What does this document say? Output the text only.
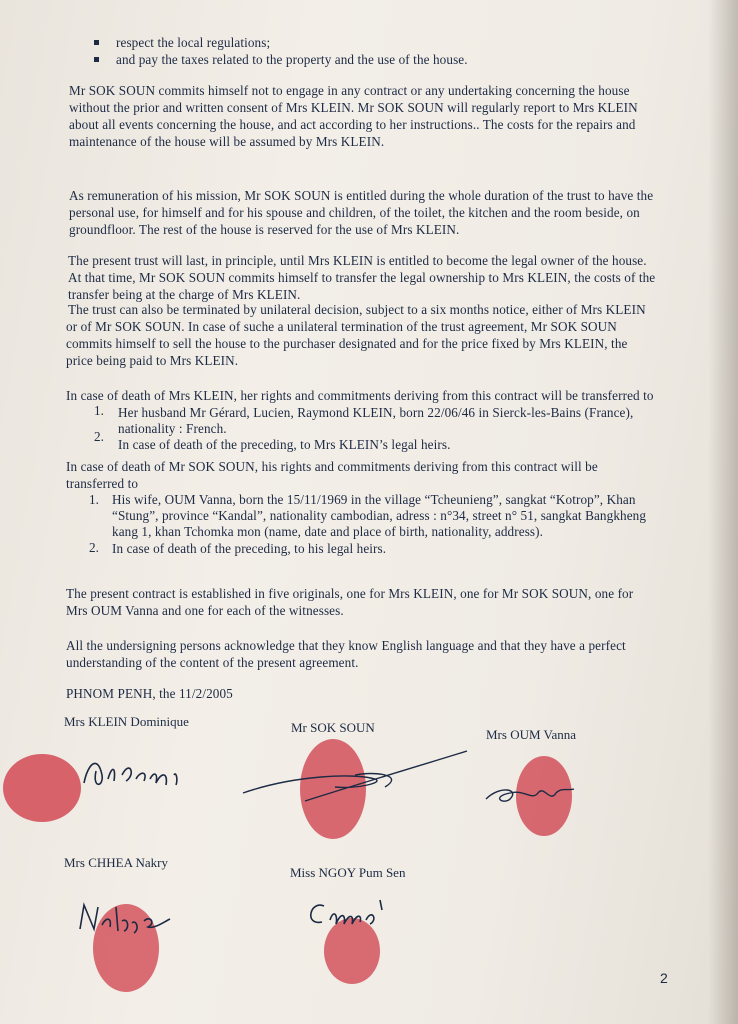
respect the local regulations;
and pay the taxes related to the property and the use of the house.
Mr SOK SOUN commits himself not to engage in any contract or any undertaking concerning the house
without the prior and written consent of Mrs KLEIN. Mr SOK SOUN will regularly report to Mrs KLEIN
about all events concerning the house, and act according to her instructions.. The costs for the repairs and
maintenance of the house will be assumed by Mrs KLEIN.
As remuneration of his mission, Mr SOK SOUN is entitled during the whole duration of the trust to have the
personal use, for himself and for his spouse and children, of the toilet, the kitchen and the room beside, on
groundfloor. The rest of the house is reserved for the use of Mrs KLEIN.
The present trust will last, in principle, until Mrs KLEIN is entitled to become the legal owner of the house.
At that time, Mr SOK SOUN commits himself to transfer the legal ownership to Mrs KLEIN, the costs of the
transfer being at the charge of Mrs KLEIN.
The trust can also be terminated by unilateral decision, subject to a six months notice, either of Mrs KLEIN
or of Mr SOK SOUN. In case of suche a unilateral termination of the trust agreement, Mr SOK SOUN
commits himself to sell the house to the purchaser designated and for the price fixed by Mrs KLEIN, the
price being paid to Mrs KLEIN.
In case of death of Mrs KLEIN, her rights and commitments deriving from this contract will be transferred to
1. Her husband Mr Gérard, Lucien, Raymond KLEIN, born 22/06/46 in Sierck-les-Bains (France),
nationality : French.
2.
In case of death of the preceding, to Mrs KLEIN’s legal heirs.
In case of death of Mr SOK SOUN, his rights and commitments deriving from this contract will be
transferred to
1. His wife, OUM Vanna, born the 15/11/1969 in the village “Tcheunieng”, sangkat “Kotrop”, Khan
“Stung”, province “Kandal”, nationality cambodian, adress : n°34, street n° 51, sangkat Bangkheng
kang 1, khan Tchomka mon (name, date and place of birth, nationality, address).
2. In case of death of the preceding, to his legal heirs.
The present contract is established in five originals, one for Mrs KLEIN, one for Mr SOK SOUN, one for
Mrs OUM Vanna and one for each of the witnesses.
All the undersigning persons acknowledge that they know English language and that they have a perfect
understanding of the content of the present agreement.
PHNOM PENH, the 11/2/2005
Mrs KLEIN Dominique	Mr SOK SOUN	Mrs OUM Vanna
Mrs CHHEA Nakry
Miss NGOY Pum Sen
2
